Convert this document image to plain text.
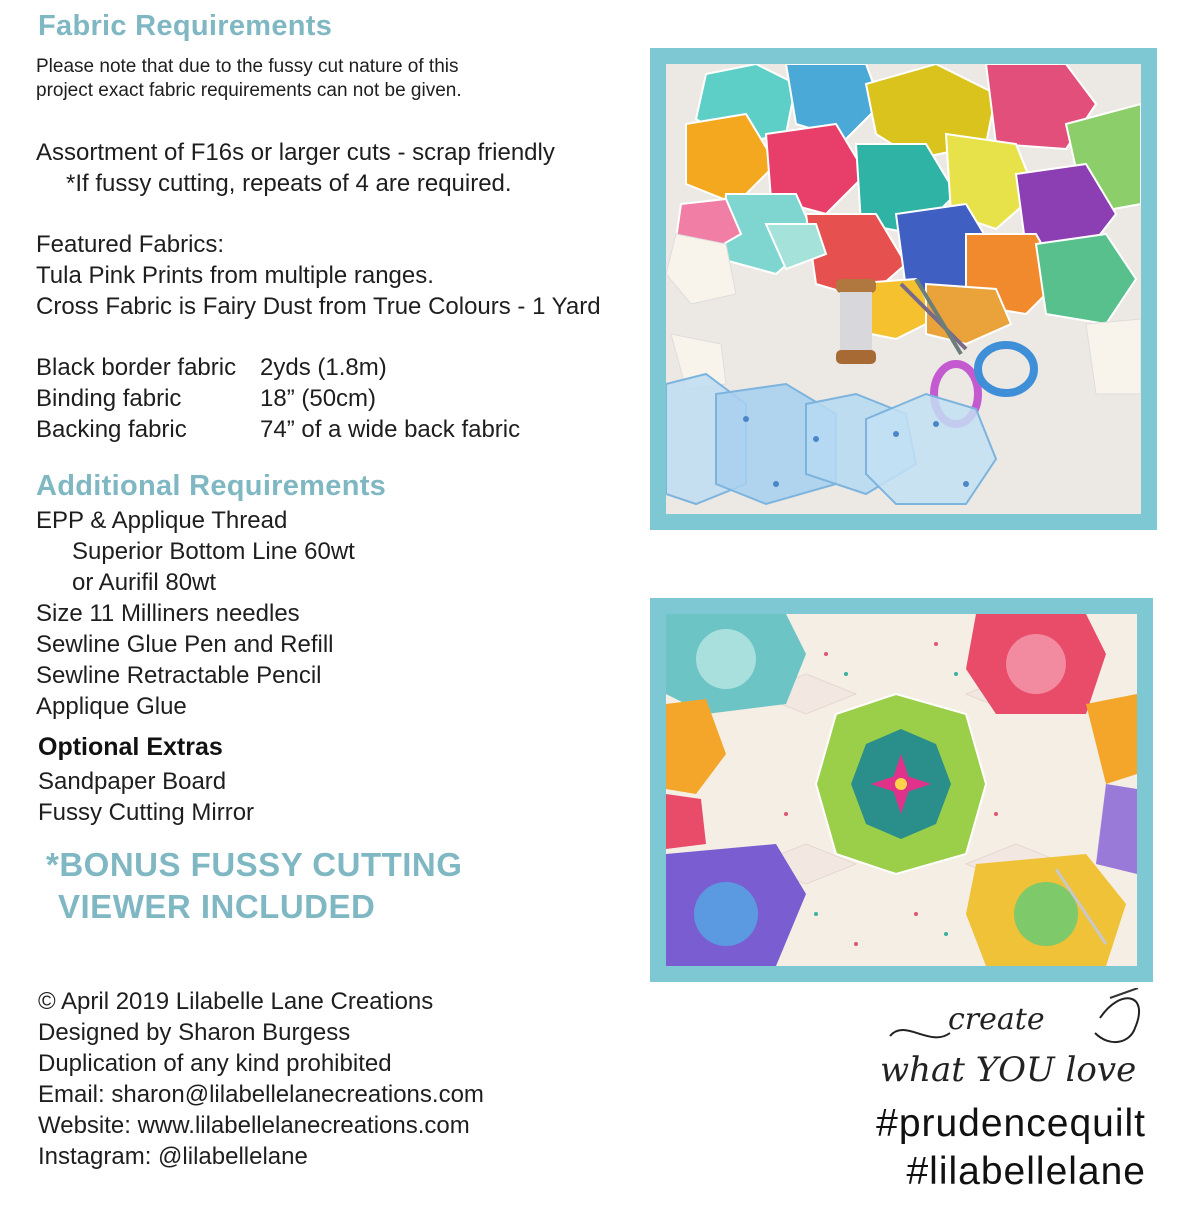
Fabric Requirements
Please note that due to the fussy cut nature of this
project exact fabric requirements can not be given.
Assortment of F16s or larger cuts - scrap friendly
*If fussy cutting, repeats of 4 are required.
Featured Fabrics:
Tula Pink Prints from multiple ranges.
Cross Fabric is Fairy Dust from True Colours - 1 Yard
Black border fabric 2yds (1.8m)
Binding fabric	18” (50cm)
Backing fabric	74” of a wide back fabric
Additional Requirements
EPP & Applique Thread
Superior Bottom Line 60wt
or Aurifil 80wt
Size 11 Milliners needles
Sewline Glue Pen and Refill
Sewline Retractable Pencil
Applique Glue
Optional Extras
Sandpaper Board
Fussy Cutting Mirror
*BONUS FUSSY CUTTING
VIEWER INCLUDED
© April 2019 Lilabelle Lane Creations
Designed by Sharon Burgess
Duplication of any kind prohibited
Email: sharon@lilabellelanecreations.com
Website: www.lilabellelanecreations.com
Instagram: @lilabellelane
create
what YOU love
#prudencequilt
#lilabellelane
